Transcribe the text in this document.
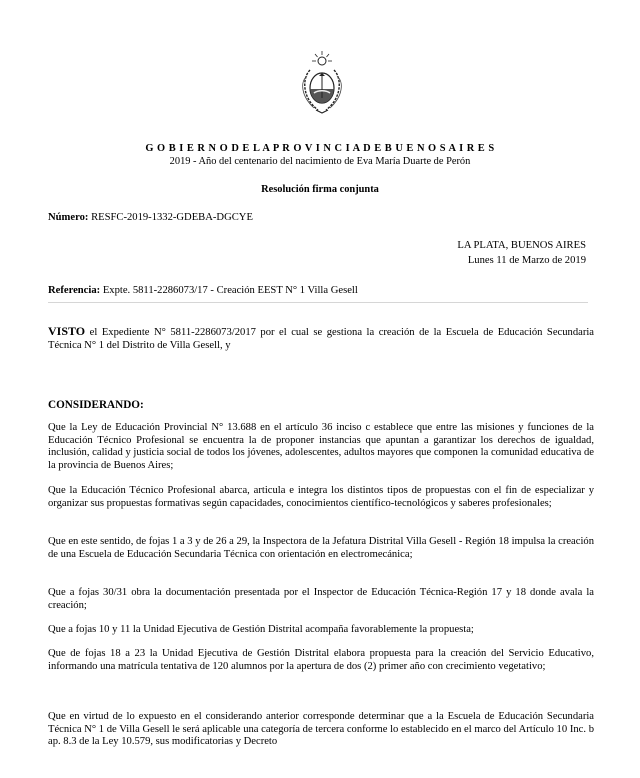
G O B I E R N O D E L A P R O V I N C I A D E B U E N O S A I R E S
2019 - Año del centenario del nacimiento de Eva María Duarte de Perón
Resolución firma conjunta
Número: RESFC-2019-1332-GDEBA-DGCYE
LA PLATA, BUENOS AIRES
Lunes 11 de Marzo de 2019
Referencia: Expte. 5811-2286073/17 - Creación EEST N° 1 Villa Gesell
VISTO el Expediente N° 5811-2286073/2017 por el cual se gestiona la creación de la Escuela de Educación Secundaria Técnica N° 1 del Distrito de Villa Gesell, y
CONSIDERANDO:
Que la Ley de Educación Provincial N° 13.688 en el artículo 36 inciso c establece que entre las misiones y funciones de la Educación Técnico Profesional se encuentra la de proponer instancias que apuntan a garantizar los derechos de igualdad, inclusión, calidad y justicia social de todos los jóvenes, adolescentes, adultos mayores que componen la comunidad educativa de la provincia de Buenos Aires;
Que la Educación Técnico Profesional abarca, articula e integra los distintos tipos de propuestas con el fin de especializar y organizar sus propuestas formativas según capacidades, conocimientos científico-tecnológicos y saberes profesionales;
Que en este sentido, de fojas 1 a 3 y de 26 a 29, la Inspectora de la Jefatura Distrital Villa Gesell - Región 18 impulsa la creación de una Escuela de Educación Secundaria Técnica con orientación en electromecánica;
Que a fojas 30/31 obra la documentación presentada por el Inspector de Educación Técnica-Región 17 y 18 donde avala la creación;
Que a fojas 10 y 11 la Unidad Ejecutiva de Gestión Distrital acompaña favorablemente la propuesta;
Que de fojas 18 a 23 la Unidad Ejecutiva de Gestión Distrital elabora propuesta para la creación del Servicio Educativo, informando una matrícula tentativa de 120 alumnos por la apertura de dos (2) primer año con crecimiento vegetativo;
Que en virtud de lo expuesto en el considerando anterior corresponde determinar que a la Escuela de Educación Secundaria Técnica N° 1 de Villa Gesell le será aplicable una categoría de tercera conforme lo establecido en el marco del Artículo 10 Inc. b ap. 8.3 de la Ley 10.579, sus modificatorias y Decreto
